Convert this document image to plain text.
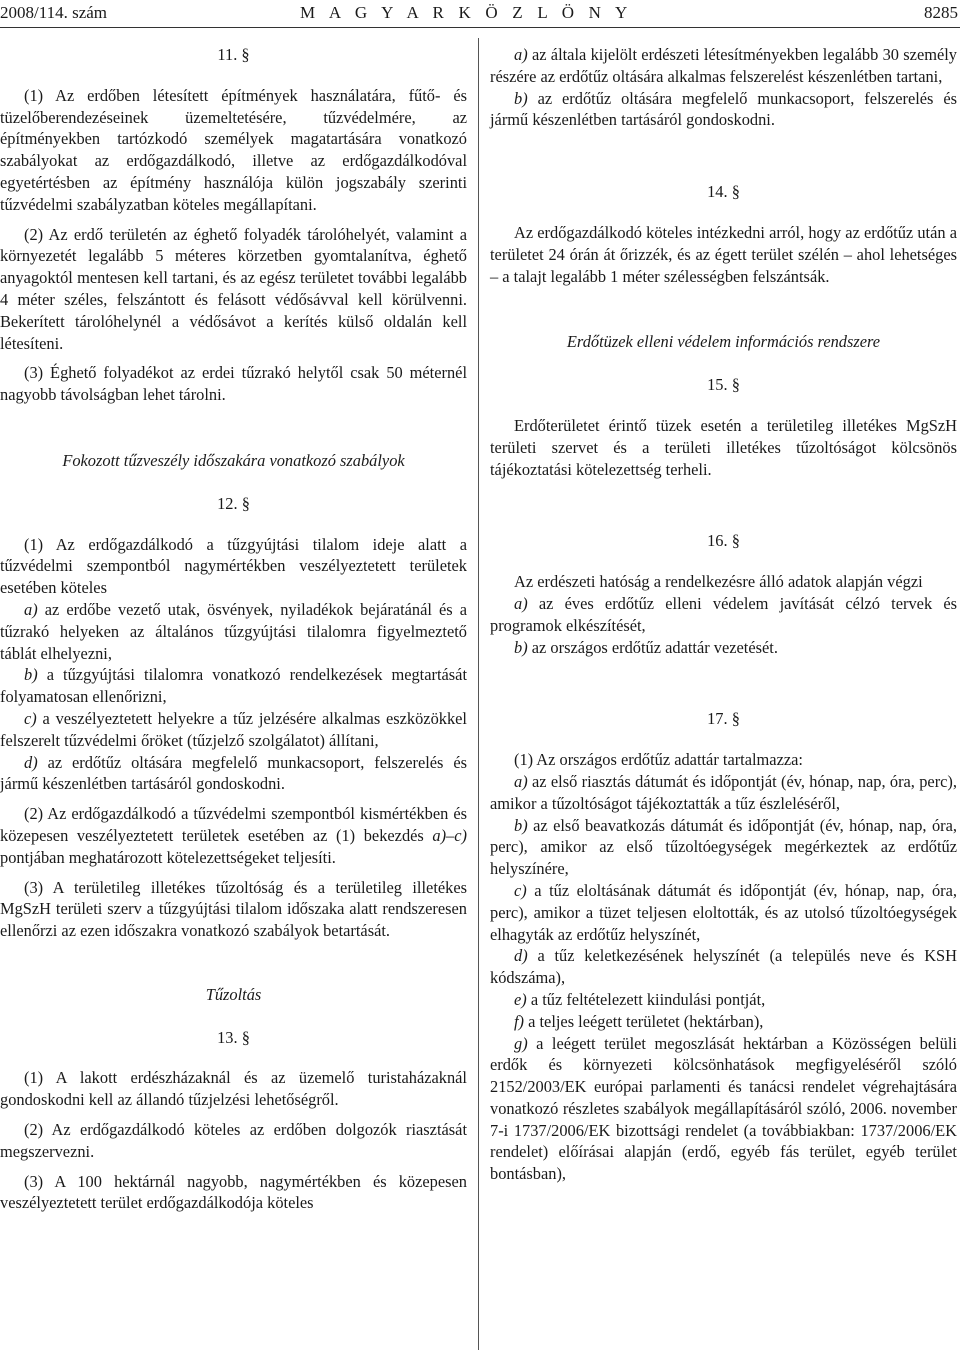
2008/114. szám	M A G Y A R K Ö Z L Ö N Y	8285

11. §

(1) Az erdőben létesített építmények használatára, fűtő- és tüzelőberendezéseinek üzemeltetésére, tűzvédelmére, az építményekben tartózkodó személyek magatartására vonatkozó szabályokat az erdőgazdálkodó, illetve az erdőgazdálkodóval egyetértésben az építmény használója külön jogszabály szerinti tűzvédelmi szabályzatban köteles megállapítani.

(2) Az erdő területén az éghető folyadék tárolóhelyét, valamint a környezetét legalább 5 méteres körzetben gyomtalanítva, éghető anyagoktól mentesen kell tartani, és az egész területet további legalább 4 méter széles, felszántott és felásott védősávval kell körülvenni. Bekerített tárolóhelynél a védősávot a kerítés külső oldalán kell létesíteni.

(3) Éghető folyadékot az erdei tűzrakó helytől csak 50 méternél nagyobb távolságban lehet tárolni.

Fokozott tűzveszély időszakára vonatkozó szabályok

12. §

(1) Az erdőgazdálkodó a tűzgyújtási tilalom ideje alatt a tűzvédelmi szempontból nagymértékben veszélyeztetett területek esetében köteles

a) az erdőbe vezető utak, ösvények, nyiladékok bejáratánál és a tűzrakó helyeken az általános tűzgyújtási tilalomra figyelmeztető táblát elhelyezni,

b) a tűzgyújtási tilalomra vonatkozó rendelkezések megtartását folyamatosan ellenőrizni,

c) a veszélyeztetett helyekre a tűz jelzésére alkalmas eszközökkel felszerelt tűzvédelmi őröket (tűzjelző szolgálatot) állítani,

d) az erdőtűz oltására megfelelő munkacsoport, felszerelés és jármű készenlétben tartásáról gondoskodni.

(2) Az erdőgazdálkodó a tűzvédelmi szempontból kismértékben és közepesen veszélyeztetett területek esetében az (1) bekezdés a)–c) pontjában meghatározott kötelezettségeket teljesíti.

(3) A területileg illetékes tűzoltóság és a területileg illetékes MgSzH területi szerv a tűzgyújtási tilalom időszaka alatt rendszeresen ellenőrzi az ezen időszakra vonatkozó szabályok betartását.

Tűzoltás

13. §

(1) A lakott erdészházaknál és az üzemelő turistaházaknál gondoskodni kell az állandó tűzjelzési lehetőségről.

(2) Az erdőgazdálkodó köteles az erdőben dolgozók riasztását megszervezni.

(3) A 100 hektárnál nagyobb, nagymértékben és közepesen veszélyeztetett terület erdőgazdálkodója köteles

a) az általa kijelölt erdészeti létesítményekben legalább 30 személy részére az erdőtűz oltására alkalmas felszerelést készenlétben tartani,

b) az erdőtűz oltására megfelelő munkacsoport, felszerelés és jármű készenlétben tartásáról gondoskodni.

14. §

Az erdőgazdálkodó köteles intézkedni arról, hogy az erdőtűz után a területet 24 órán át őrizzék, és az égett terület szélén – ahol lehetséges – a talajt legalább 1 méter szélességben felszántsák.

Erdőtüzek elleni védelem információs rendszere

15. §

Erdőterületet érintő tüzek esetén a területileg illetékes MgSzH területi szervet és a területi illetékes tűzoltóságot kölcsönös tájékoztatási kötelezettség terheli.

16. §

Az erdészeti hatóság a rendelkezésre álló adatok alapján végzi

a) az éves erdőtűz elleni védelem javítását célzó tervek és programok elkészítését,

b) az országos erdőtűz adattár vezetését.

17. §

(1) Az országos erdőtűz adattár tartalmazza:

a) az első riasztás dátumát és időpontját (év, hónap, nap, óra, perc), amikor a tűzoltóságot tájékoztatták a tűz észleléséről,

b) az első beavatkozás dátumát és időpontját (év, hónap, nap, óra, perc), amikor az első tűzoltóegységek megérkeztek az erdőtűz helyszínére,

c) a tűz eloltásának dátumát és időpontját (év, hónap, nap, óra, perc), amikor a tüzet teljesen eloltották, és az utolsó tűzoltóegységek elhagyták az erdőtűz helyszínét,

d) a tűz keletkezésének helyszínét (a település neve és KSH kódszáma),

e) a tűz feltételezett kiindulási pontját,

f) a teljes leégett területet (hektárban),

g) a leégett terület megoszlását hektárban a Közösségen belüli erdők és környezeti kölcsönhatások megfigyeléséről szóló 2152/2003/EK európai parlamenti és tanácsi rendelet végrehajtására vonatkozó részletes szabályok megállapításáról szóló, 2006. november 7-i 1737/2006/EK bizottsági rendelet (a továbbiakban: 1737/2006/EK rendelet) előírásai alapján (erdő, egyéb fás terület, egyéb terület bontásban),
